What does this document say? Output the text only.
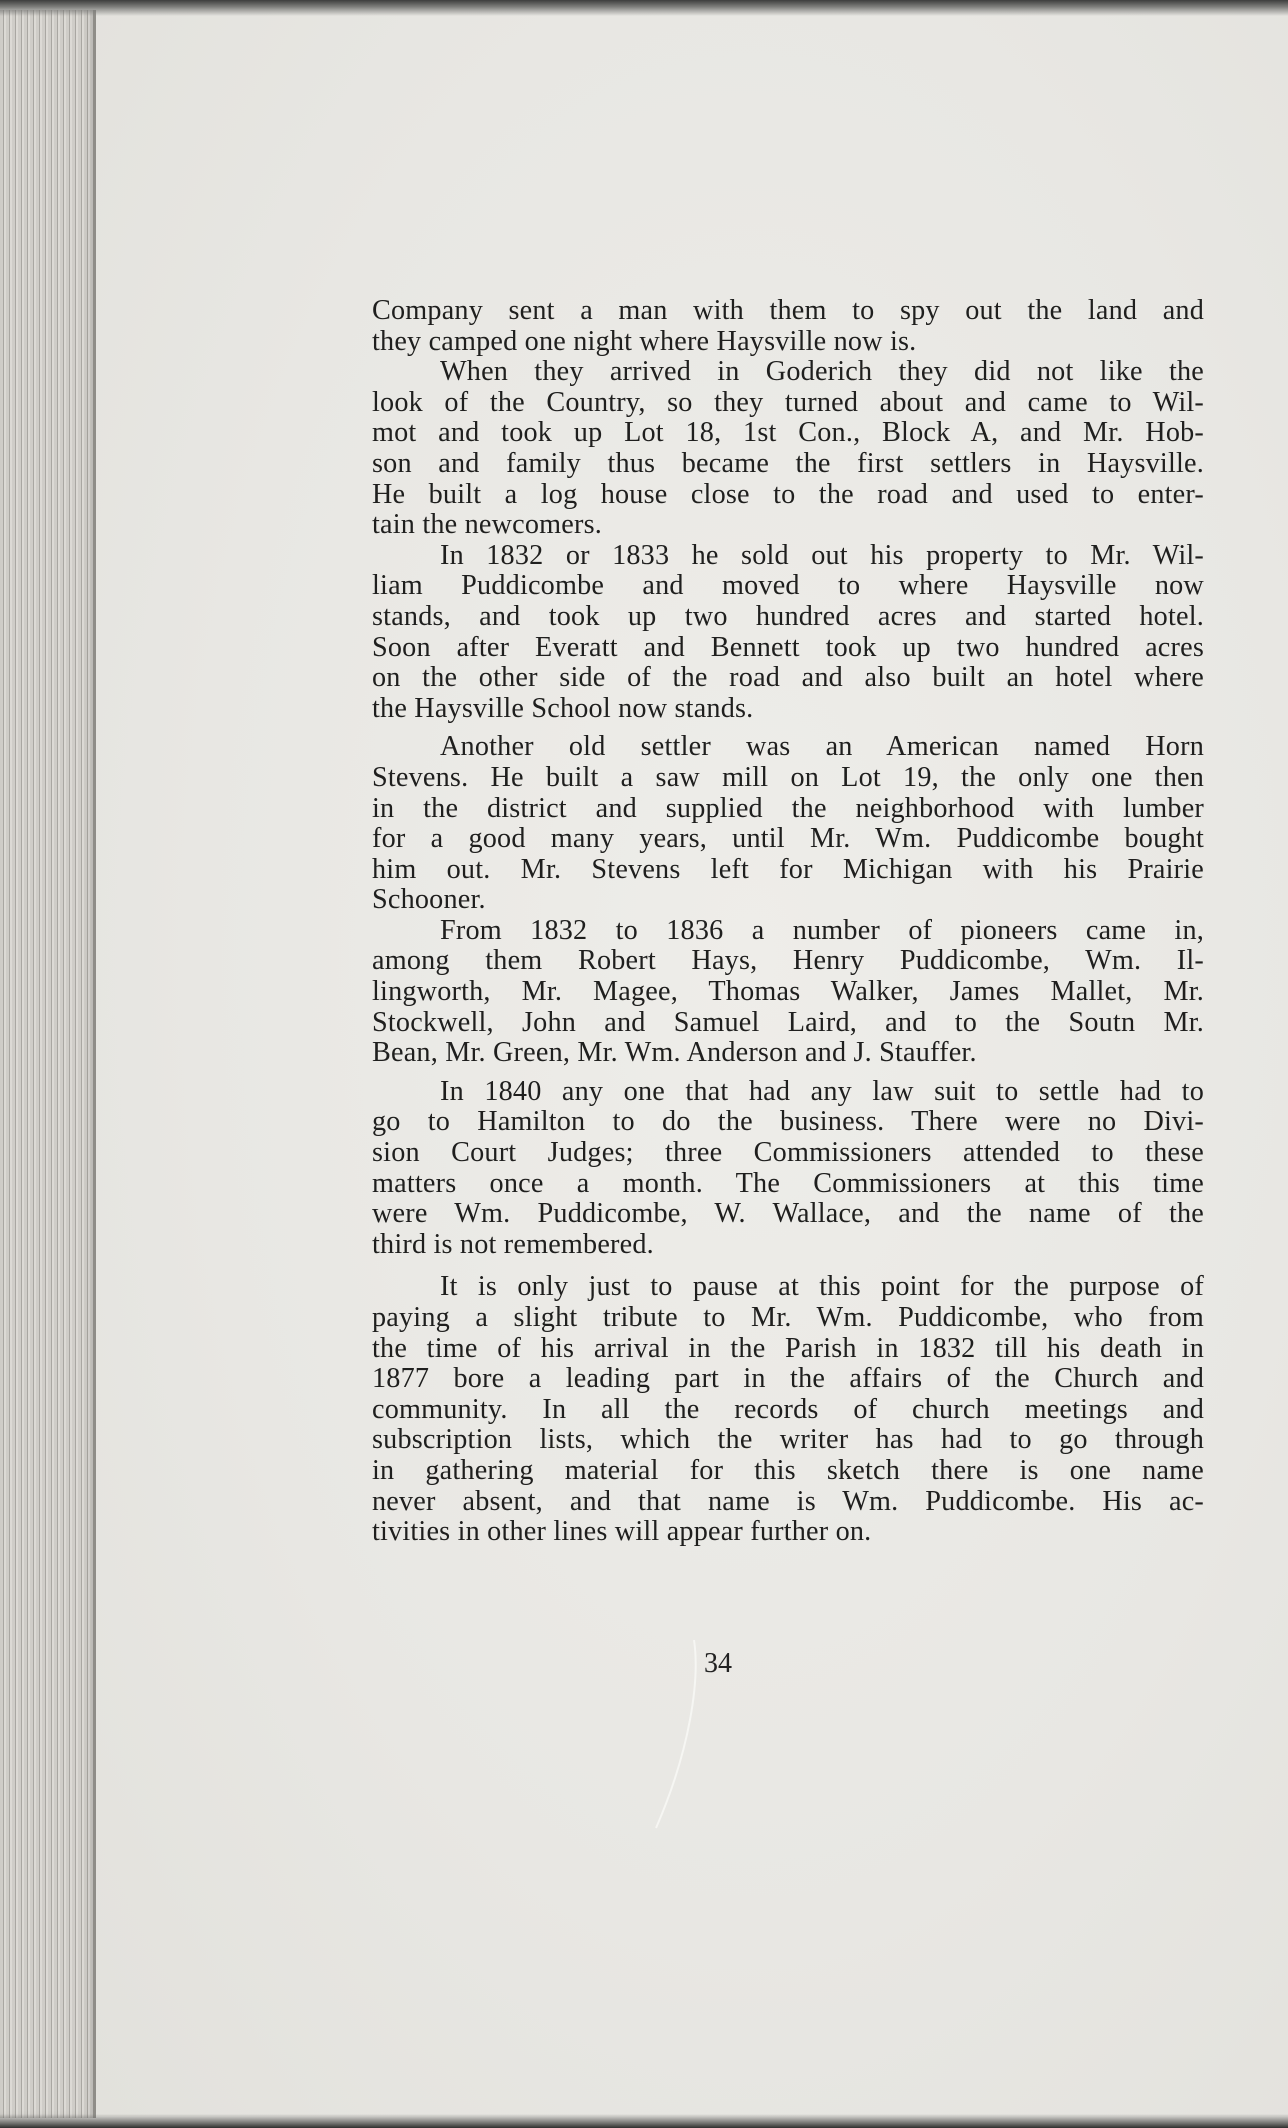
Company sent a man with them to spy out the land and
they camped one night where Haysville now is.

When they arrived in Goderich they did not like the
look of the Country, so they turned about and came to Wil-
mot and took up Lot 18, 1st Con., Block A, and Mr. Hob-
son and family thus became the first settlers in Haysville.
He built a log house close to the road and used to enter-
tain the newcomers.

In 1832 or 1833 he sold out his property to Mr. Wil-
liam Puddicombe and moved to where Haysville now
stands, and took up two hundred acres and started hotel.
Soon after Everatt and Bennett took up two hundred acres
on the other side of the road and also built an hotel where
the Haysville School now stands.

Another old settler was an American named Horn
Stevens. He built a saw mill on Lot 19, the only one then
in the district and supplied the neighborhood with lumber
for a good many years, until Mr. Wm. Puddicombe bought
him out. Mr. Stevens left for Michigan with his Prairie
Schooner.

From 1832 to 1836 a number of pioneers came in,
among them Robert Hays, Henry Puddicombe, Wm. Il-
lingworth, Mr. Magee, Thomas Walker, James Mallet, Mr.
Stockwell, John and Samuel Laird, and to the Soutn Mr.
Bean, Mr. Green, Mr. Wm. Anderson and J. Stauffer.

In 1840 any one that had any law suit to settle had to
go to Hamilton to do the business. There were no Divi-
sion Court Judges; three Commissioners attended to these
matters once a month. The Commissioners at this time
were Wm. Puddicombe, W. Wallace, and the name of the
third is not remembered.

It is only just to pause at this point for the purpose of
paying a slight tribute to Mr. Wm. Puddicombe, who from
the time of his arrival in the Parish in 1832 till his death in
1877 bore a leading part in the affairs of the Church and
community. In all the records of church meetings and
subscription lists, which the writer has had to go through
in gathering material for this sketch there is one name
never absent, and that name is Wm. Puddicombe. His ac-
tivities in other lines will appear further on.

34
